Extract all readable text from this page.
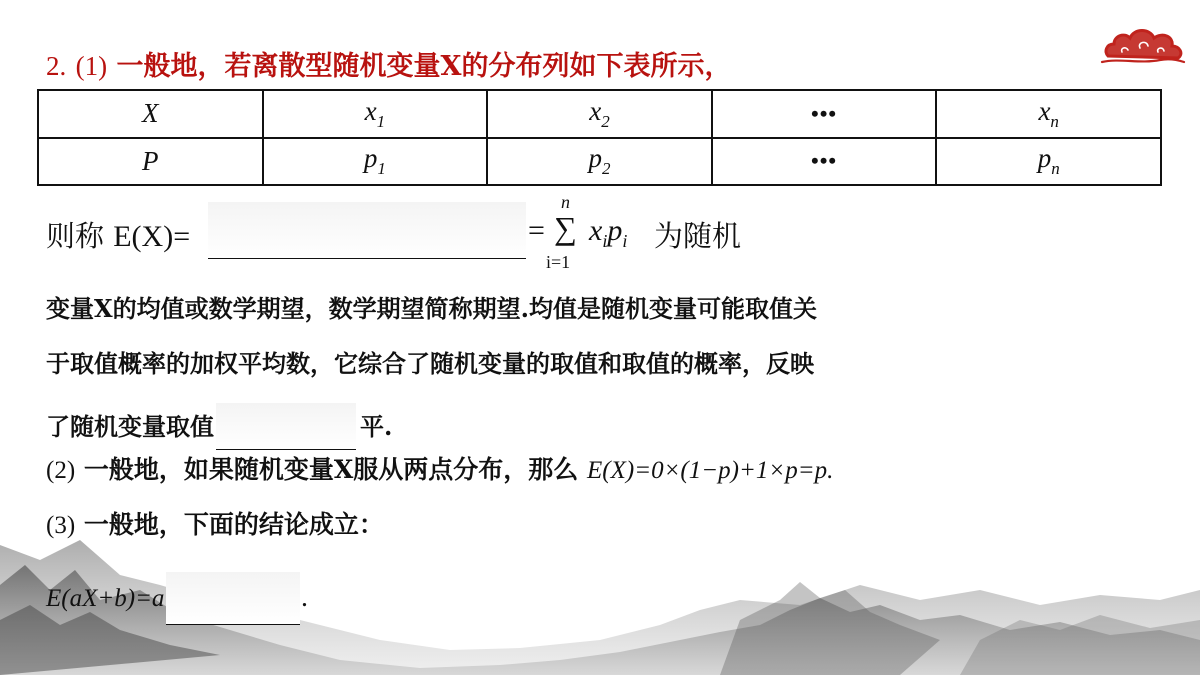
2. (1) 一般地，若离散型随机变量X的分布列如下表所示，
X	$x_1$	$x_2$	•••	$x_n$
P	$p_1$	$p_2$	•••	$p_n$
则称 E(X)=	=
n
∑
i=1
$x_ip_i$ 为随机
变量X的均值或数学期望，数学期望简称期望.均值是随机变量可能取值关
于取值概率的加权平均数，它综合了随机变量的取值和取值的概率，反映
了随机变量取值	平.
(2) 一般地，如果随机变量X服从两点分布，那么 E(X)=0×(1−p)+1×p=p.
(3) 一般地，下面的结论成立：
E(aX+b)=a	.
